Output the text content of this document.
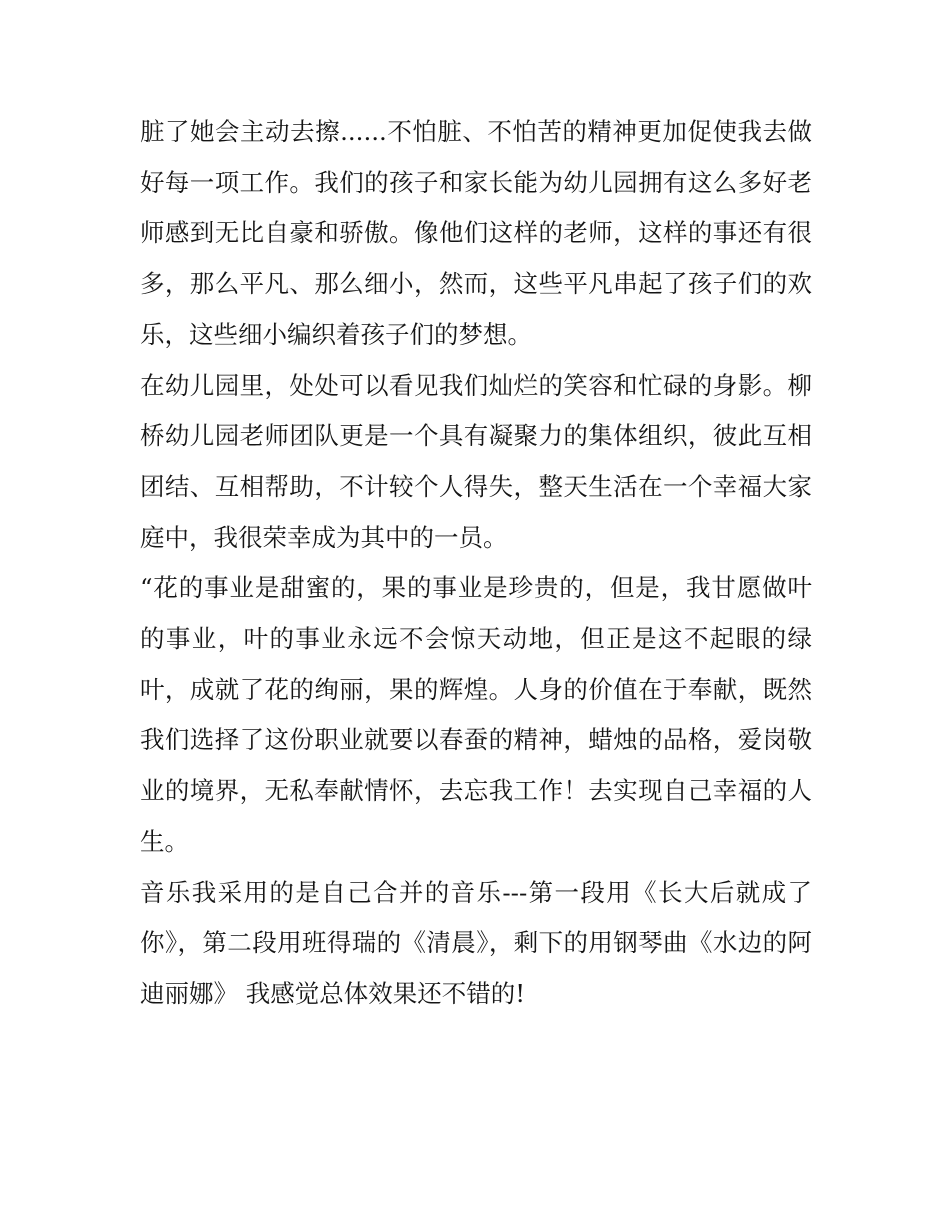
脏了她会主动去擦......不怕脏、不怕苦的精神更加促使我去做好每一项工作。我们的孩子和家长能为幼儿园拥有这么多好老师感到无比自豪和骄傲。像他们这样的老师，这样的事还有很多，那么平凡、那么细小，然而，这些平凡串起了孩子们的欢乐，这些细小编织着孩子们的梦想。

在幼儿园里，处处可以看见我们灿烂的笑容和忙碌的身影。柳桥幼儿园老师团队更是一个具有凝聚力的集体组织，彼此互相团结、互相帮助，不计较个人得失，整天生活在一个幸福大家庭中，我很荣幸成为其中的一员。

“花的事业是甜蜜的，果的事业是珍贵的，但是，我甘愿做叶的事业，叶的事业永远不会惊天动地，但正是这不起眼的绿叶，成就了花的绚丽，果的辉煌。人身的价值在于奉献，既然我们选择了这份职业就要以春蚕的精神，蜡烛的品格，爱岗敬业的境界，无私奉献情怀，去忘我工作！去实现自己幸福的人生。

音乐我采用的是自己合并的音乐---第一段用《长大后就成了你》，第二段用班得瑞的《清晨》，剩下的用钢琴曲《水边的阿迪丽娜》 我感觉总体效果还不错的!
